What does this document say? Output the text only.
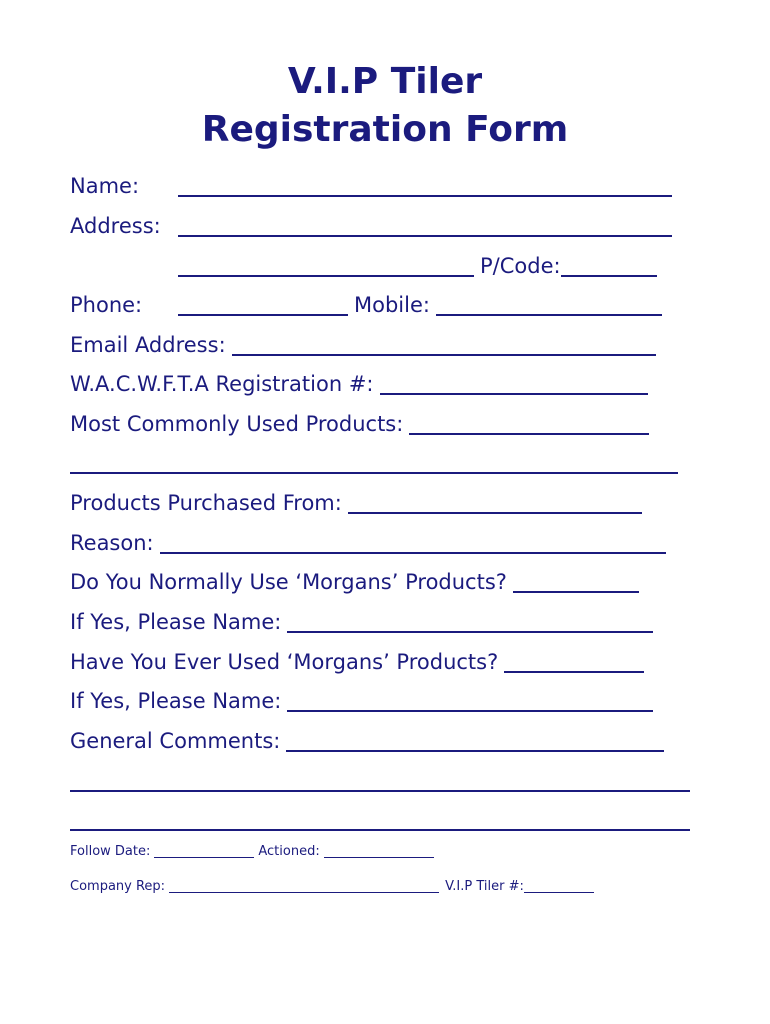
V.I.P Tiler
Registration Form
Name:
Address:
P/Code:
Phone:	Mobile:
Email Address:
W.A.C.W.F.T.A Registration #:
Most Commonly Used Products:
Products Purchased From:
Reason:
Do You Normally Use ‘Morgans’ Products?
If Yes, Please Name:
Have You Ever Used ‘Morgans’ Products?
If Yes, Please Name:
General Comments:
Follow Date:	Actioned:
Company Rep:	V.I.P Tiler #:
